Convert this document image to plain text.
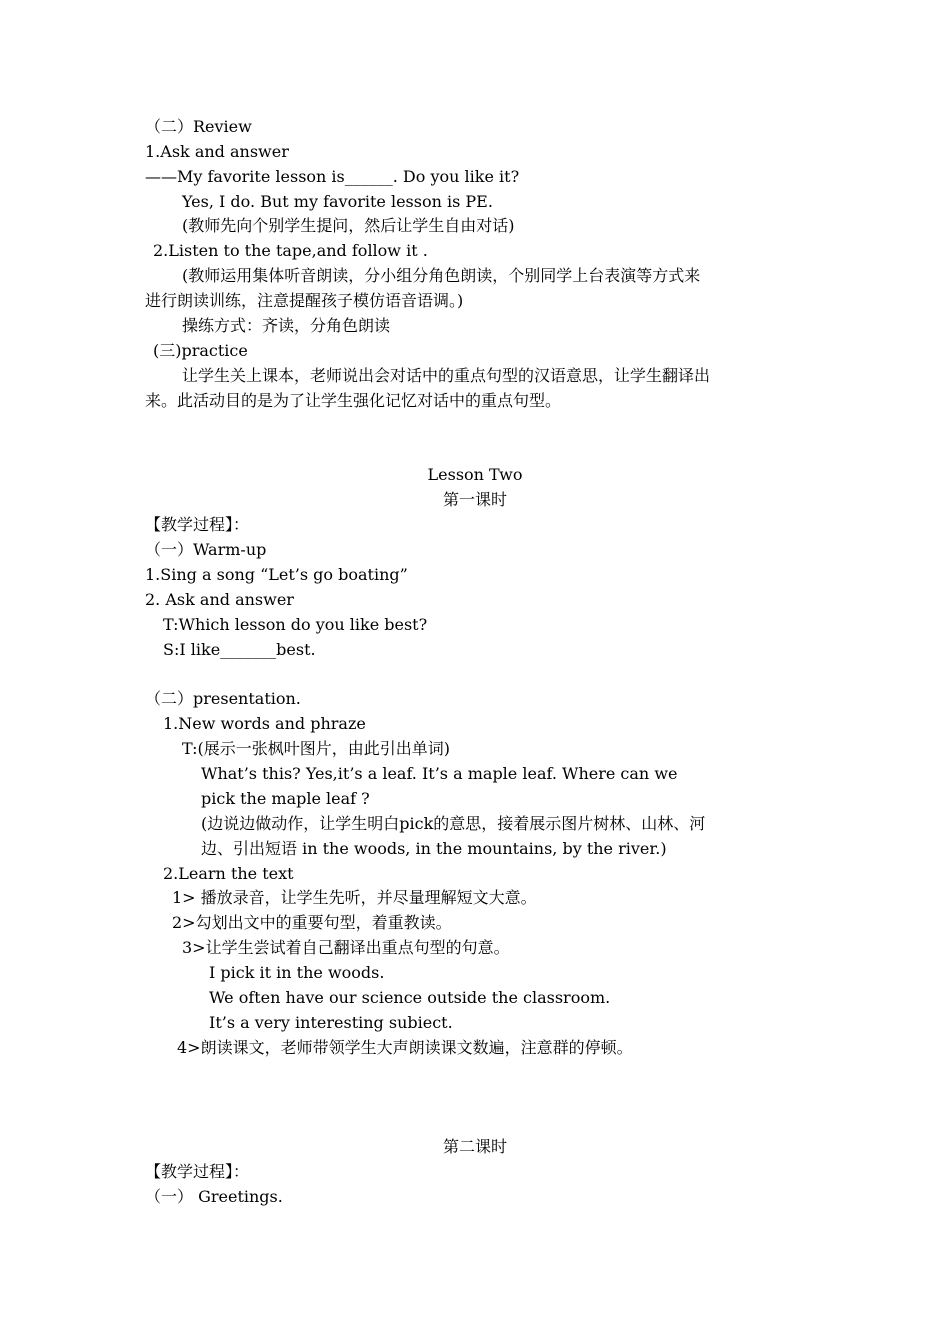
（二）Review
1.Ask and answer
——My favorite lesson is______. Do you like it?
Yes, I do. But my favorite lesson is PE.
(教师先向个别学生提问，然后让学生自由对话)
2.Listen to the tape,and follow it .
(教师运用集体听音朗读，分小组分角色朗读，个别同学上台表演等方式来
进行朗读训练，注意提醒孩子模仿语音语调。)
操练方式：齐读，分角色朗读
(三)practice
让学生关上课本，老师说出会对话中的重点句型的汉语意思，让学生翻译出
来。此活动目的是为了让学生强化记忆对话中的重点句型。
Lesson Two
第一课时
【教学过程】：
（一）Warm-up
1.Sing a song “Let’s go boating”
2. Ask and answer
T:Which lesson do you like best?
S:I like_______best.
（二）presentation.
1.New words and phraze
T:(展示一张枫叶图片，由此引出单词)
What’s this? Yes,it’s a leaf. It’s a maple leaf. Where can we
pick the maple leaf ?
(边说边做动作，让学生明白pick的意思，接着展示图片树林、山林、河
边、引出短语 in the woods, in the mountains, by the river.)
2.Learn the text
1> 播放录音，让学生先听，并尽量理解短文大意。
2>勾划出文中的重要句型，着重教读。
3>让学生尝试着自己翻译出重点句型的句意。
I pick it in the woods.
We often have our science outside the classroom.
It’s a very interesting subiect.
4>朗读课文，老师带领学生大声朗读课文数遍，注意群的停顿。
第二课时
【教学过程】：
（一） Greetings.
